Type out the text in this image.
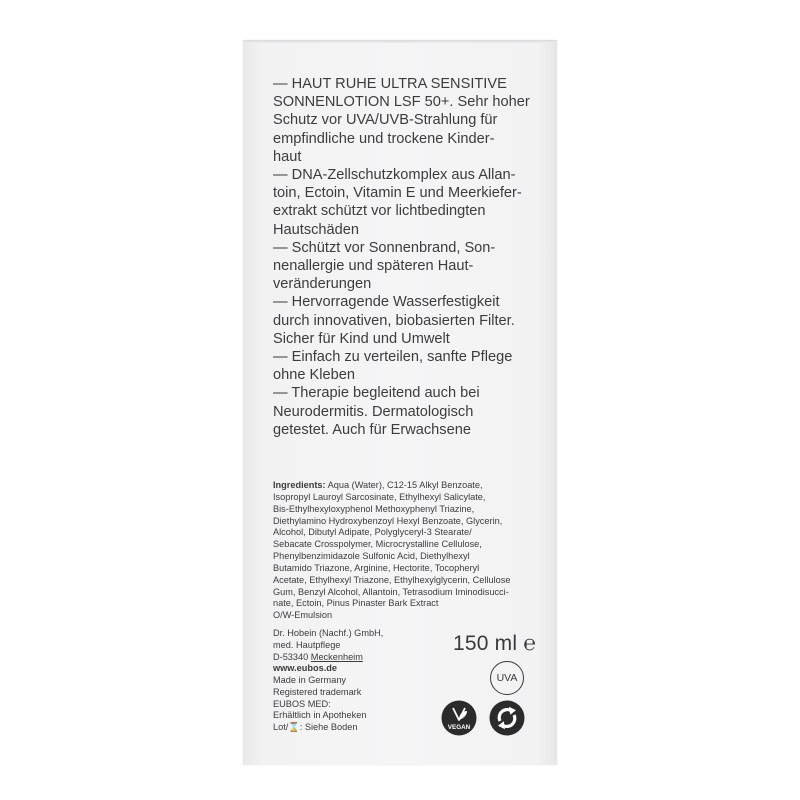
— HAUT RUHE ULTRA SENSITIVE
SONNENLOTION LSF 50+. Sehr hoher
Schutz vor UVA/UVB-Strahlung für
empfindliche und trockene Kinder-
haut
— DNA-Zellschutzkomplex aus Allan-
toin, Ectoin, Vitamin E und Meerkiefer-
extrakt schützt vor lichtbedingten
Hautschäden
— Schützt vor Sonnenbrand, Son-
nenallergie und späteren Haut-
veränderungen
— Hervorragende Wasserfestigkeit
durch innovativen, biobasierten Filter.
Sicher für Kind und Umwelt
— Einfach zu verteilen, sanfte Pflege
ohne Kleben
— Therapie begleitend auch bei
Neurodermitis. Dermatologisch
getestet. Auch für Erwachsene
Ingredients: Aqua (Water), C12-15 Alkyl Benzoate,
Isopropyl Lauroyl Sarcosinate, Ethylhexyl Salicylate,
Bis-Ethylhexyloxyphenol Methoxyphenyl Triazine,
Diethylamino Hydroxybenzoyl Hexyl Benzoate, Glycerin,
Alcohol, Dibutyl Adipate, Polyglyceryl-3 Stearate/
Sebacate Crosspolymer, Microcrystalline Cellulose,
Phenylbenzimidazole Sulfonic Acid, Diethylhexyl
Butamido Triazone, Arginine, Hectorite, Tocopheryl
Acetate, Ethylhexyl Triazone, Ethylhexylglycerin, Cellulose
Gum, Benzyl Alcohol, Allantoin, Tetrasodium Iminodisucci-
nate, Ectoin, Pinus Pinaster Bark Extract
O/W-Emulsion
Dr. Hobein (Nachf.) GmbH,
med. Hautpflege
D-53340 Meckenheim
www.eubos.de
Made in Germany
Registered trademark
EUBOS MED:
Erhältlich in Apotheken
Lot/⌛: Siehe Boden
150 ml ℮
UVA
VEGAN
